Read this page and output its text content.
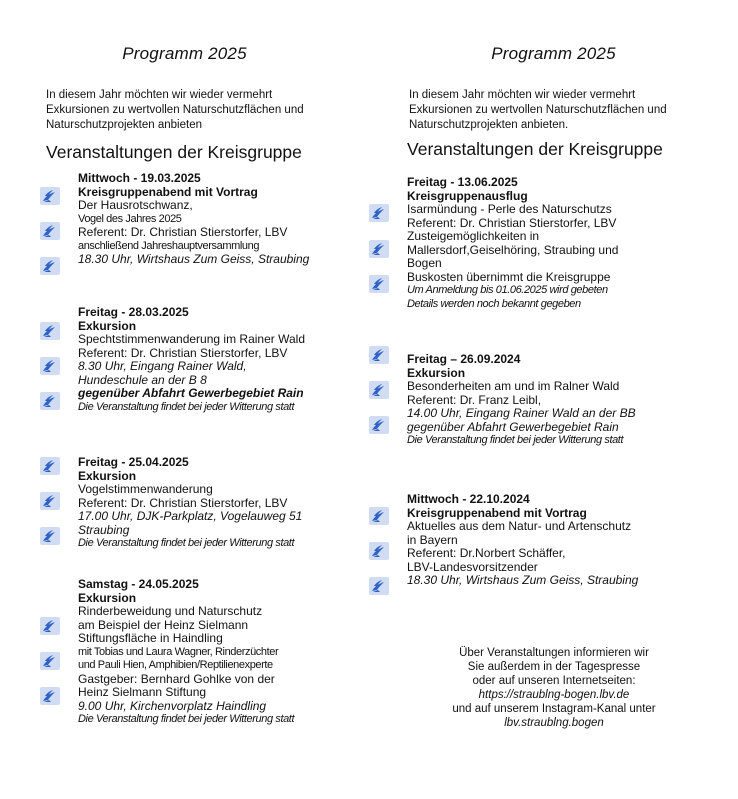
Programm 2025
In diesem Jahr möchten wir wieder vermehrt
Exkursionen zu wertvollen Naturschutzflächen und
Naturschutzprojekten anbieten
Veranstaltungen der Kreisgruppe
Mittwoch - 19.03.2025
Kreisgruppenabend mit Vortrag
Der Hausrotschwanz,
Vogel des Jahres 2025
Referent: Dr. Christian Stierstorfer, LBV
anschließend Jahreshauptversammlung
18.30 Uhr, Wirtshaus Zum Geiss, Straubing
Freitag - 28.03.2025
Exkursion
Spechtstimmenwanderung im Rainer Wald
Referent: Dr. Christian Stierstorfer, LBV
8.30 Uhr, Eingang Rainer Wald,
Hundeschule an der B 8
gegenüber Abfahrt Gewerbegebiet Rain
Die Veranstaltung findet bei jeder Witterung statt
Freitag - 25.04.2025
Exkursion
Vogelstimmenwanderung
Referent: Dr. Christian Stierstorfer, LBV
17.00 Uhr, DJK-Parkplatz, Vogelauweg 51
Straubing
Die Veranstaltung findet bei jeder Witterung statt
Samstag - 24.05.2025
Exkursion
Rinderbeweidung und Naturschutz
am Beispiel der Heinz Sielmann
Stiftungsfläche in Haindling
mit Tobias und Laura Wagner, Rinderzüchter
und Pauli Hien, Amphibien/Reptilienexperte
Gastgeber: Bernhard Gohlke von der
Heinz Sielmann Stiftung
9.00 Uhr, Kirchenvorplatz Haindling
Die Veranstaltung findet bei jeder Witterung statt
Programm 2025
In diesem Jahr möchten wir wieder vermehrt
Exkursionen zu wertvollen Naturschutzflächen und
Naturschutzprojekten anbieten.
Veranstaltungen der Kreisgruppe
Freitag - 13.06.2025
Kreisgruppenausflug
Isarmündung - Perle des Naturschutzs
Referent: Dr. Christian Stierstorfer, LBV
Zusteigemöglichkeiten in
Mallersdorf,Geiselhöring, Straubing und
Bogen
Buskosten übernimmt die Kreisgruppe
Um Anmeldung bis 01.06.2025 wird gebeten
Details werden noch bekannt gegeben
Freitag – 26.09.2024
Exkursion
Besonderheiten am und im Ralner Wald
Referent: Dr. Franz Leibl,
14.00 Uhr, Eingang Rainer Wald an der BB
gegenüber Abfahrt Gewerbegebiet Rain
Die Veranstaltung findet bei jeder Witterung statt
Mittwoch - 22.10.2024
Kreisgruppenabend mit Vortrag
Aktuelles aus dem Natur- und Artenschutz
in Bayern
Referent: Dr.Norbert Schäffer,
LBV-Landesvorsitzender
18.30 Uhr, Wirtshaus Zum Geiss, Straubing
Über Veranstaltungen informieren wir
Sie außerdem in der Tagespresse
oder auf unseren Internetseiten:
https://straublng-bogen.lbv.de
und auf unserem Instagram-Kanal unter
lbv.straublng.bogen
